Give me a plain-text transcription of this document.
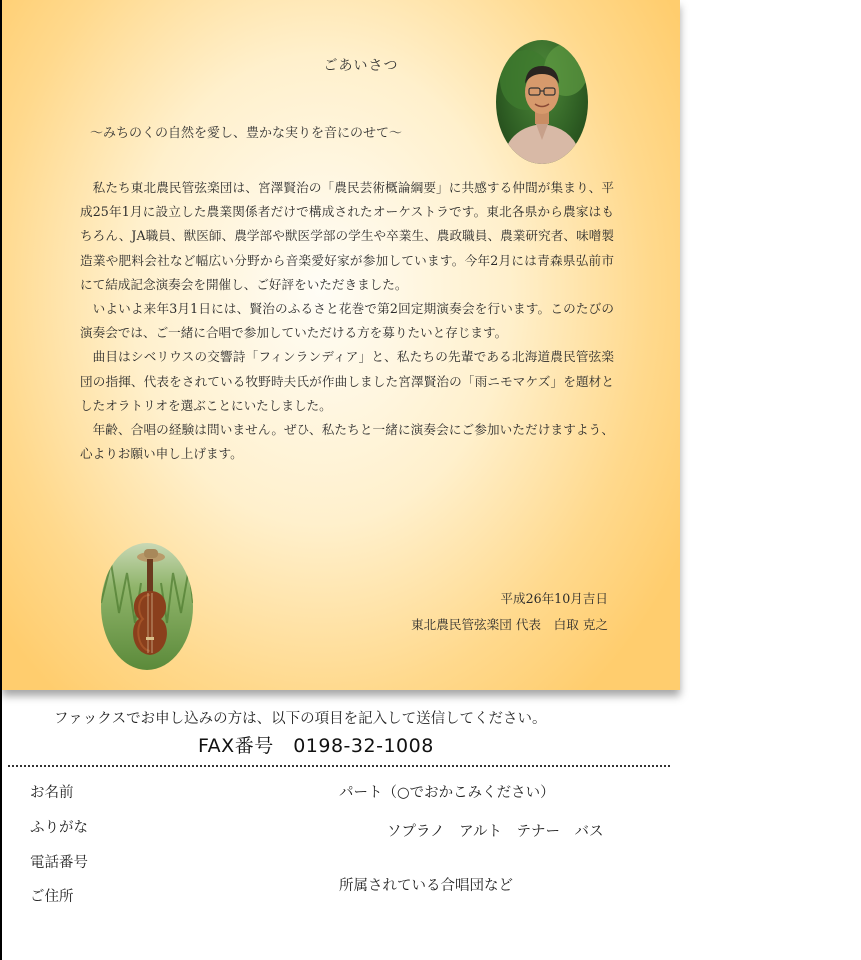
ごあいさつ
～みちのくの自然を愛し、豊かな実りを音にのせて～

私たち東北農民管弦楽団は、宮澤賢治の「農民芸術概論綱要」に共感する仲間が集まり、平成25年1月に設立した農業関係者だけで構成されたオーケストラです。東北各県から農家はもちろん、JA職員、獣医師、農学部や獣医学部の学生や卒業生、農政職員、農業研究者、味噌製造業や肥料会社など幅広い分野から音楽愛好家が参加しています。今年2月には青森県弘前市にて結成記念演奏会を開催し、ご好評をいただきました。

いよいよ来年3月1日には、賢治のふるさと花巻で第2回定期演奏会を行います。このたびの演奏会では、ご一緒に合唱で参加していただける方を募りたいと存じます。

曲目はシベリウスの交響詩「フィンランディア」と、私たちの先輩である北海道農民管弦楽団の指揮、代表をされている牧野時夫氏が作曲しました宮澤賢治の「雨ニモマケズ」を題材としたオラトリオを選ぶことにいたしました。

年齢、合唱の経験は問いません。ぜひ、私たちと一緒に演奏会にご参加いただけますよう、心よりお願い申し上げます。

平成26年10月吉日
東北農民管弦楽団 代表　白取 克之
ファックスでお申し込みの方は、以下の項目を記入して送信してください。
FAX番号　0198-32-1008
お名前
ふりがな
電話番号
ご住所
パート（○でおかこみください）
ソプラノ　アルト　テナー　バス
所属されている合唱団など
